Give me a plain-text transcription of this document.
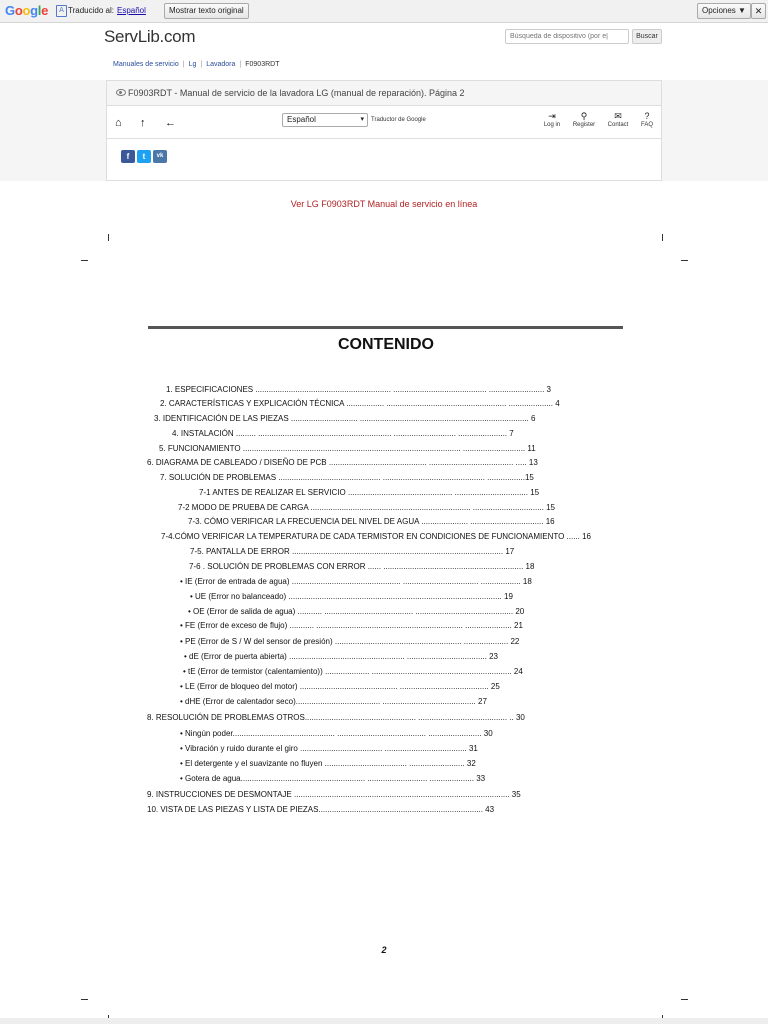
Google	A Traducido al: Español	Mostrar texto original	Opciones ▼ ✕
ServLib.com
Búsqueda de dispositivo (por e|	Buscar
Manuales de servicio | Lg | Lavadora | F0903RDT
F0903RDT - Manual de servicio de la lavadora LG (manual de reparación). Página 2
⌂ ↑ ←	Español	▾ Traductor de Google	⇥
Log in
⚲
Register
✉
Contact
?
FAQ
f	t	vk
Ver LG F0903RDT Manual de servicio en línea
CONTENIDO
1. ESPECIFICACIONES ............................................................. .......................................... ......................... 3
2. CARACTERÍSTICAS Y EXPLICACIÓN TÉCNICA ................. ...................................................... .................... 4
3. IDENTIFICACIÓN DE LAS PIEZAS .............................. ............................................................................ 6
4. INSTALACIÓN ......... ............................................................ ............................ ...................... 7
5. FUNCIONAMIENTO .................................................................................................. ............................ 11
6. DIAGRAMA DE CABLEADO / DISEÑO DE PCB ............................................ ...................................... ..... 13
7. SOLUCIÓN DE PROBLEMAS .............................................. .............................................. .................15
7-1 ANTES DE REALIZAR EL SERVICIO ............................................... ................................. 15
7-2 MODO DE PRUEBA DE CARGA ........................................................................ ................................ 15
7-3. CÓMO VERIFICAR LA FRECUENCIA DEL NIVEL DE AGUA ..................... ................................. 16
7-4.CÓMO VERIFICAR LA TEMPERATURA DE CADA TERMISTOR EN CONDICIONES DE FUNCIONAMIENTO ...... 16
7-5. PANTALLA DE ERROR ............................................................................................... 17
7-6 . SOLUCIÓN DE PROBLEMAS CON ERROR ...... ............................................................... 18
• IE (Error de entrada de agua) ................................................. .................................. .................. 18
• UE (Error no balanceado) ................................................................................................ 19
• OE (Error de salida de agua) ........... ........................................ ............................................ 20
• FE (Error de exceso de flujo) ........... .................................................................. ..................... 21
• PE (Error de S / W del sensor de presión) ......................................................... .................... 22
• dE (Error de puerta abierta) .................................................... .................................... 23
• tE (Error de termistor (calentamiento)) .................... ............................................................... 24
• LE (Error de bloqueo del motor) ............................................ ........................................ 25
• dHE (Error de calentador seco)...................................... .......................................... 27
8. RESOLUCIÓN DE PROBLEMAS OTROS.................................................. ........................................ .. 30
• Ningún poder.............................................. ........................................ ........................ 30
• Vibración y ruido durante el giro ..................................... ..................................... 31
• El detergente y el suavizante no fluyen ..................................... ......................... 32
• Gotera de agua........................................................ ........................... .................... 33
9. INSTRUCCIONES DE DESMONTAJE ................................................................................................. 35
10. VISTA DE LAS PIEZAS Y LISTA DE PIEZAS.......................................................................... 43
2
